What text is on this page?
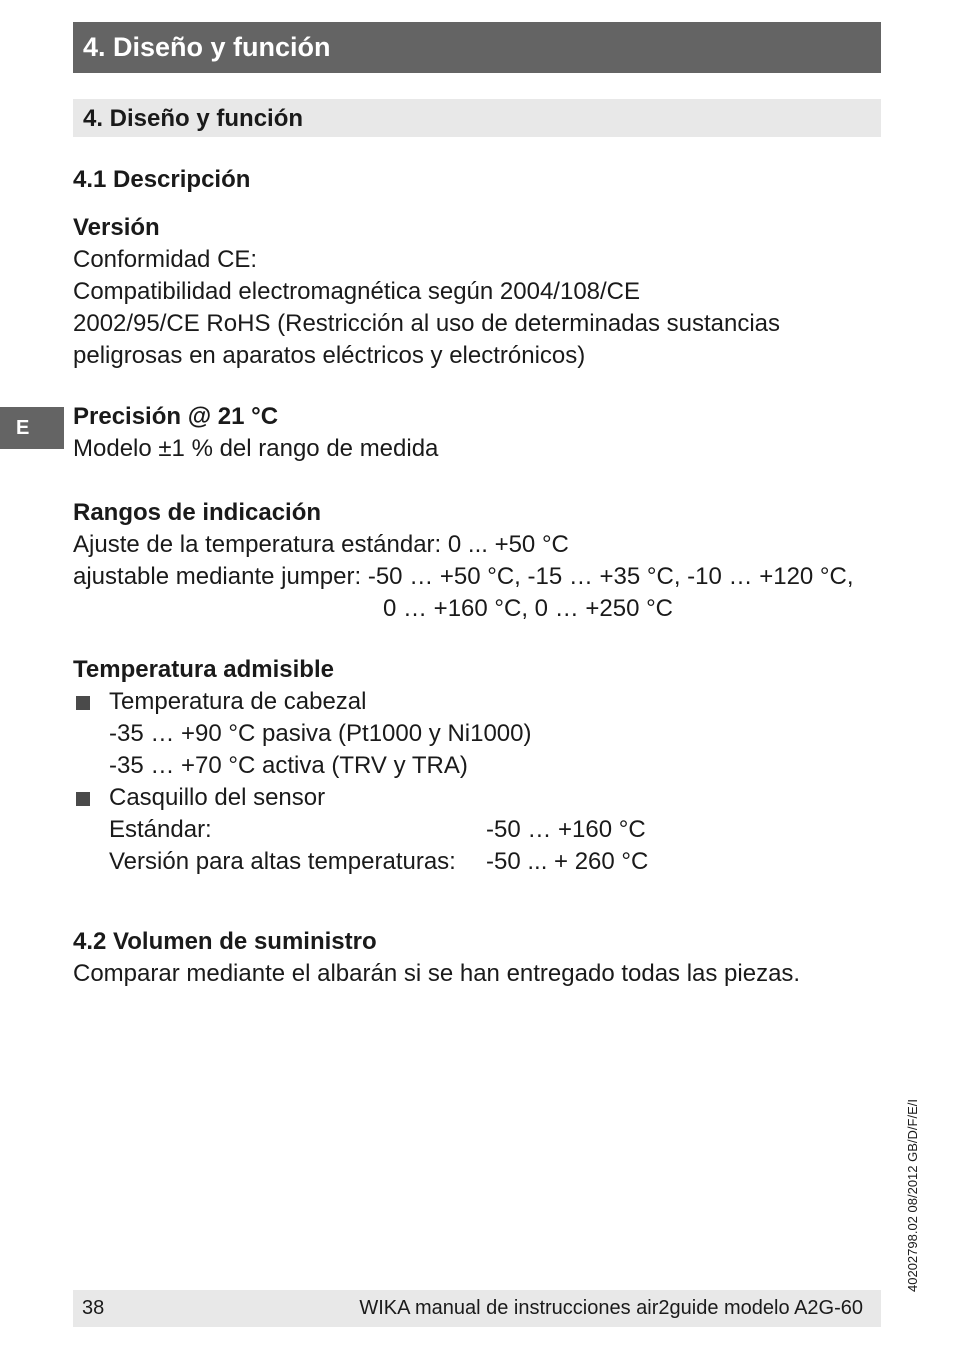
4. Diseño y función
4. Diseño y función
E
4.1 Descripción
Versión
Conformidad CE:
Compatibilidad electromagnética según 2004/108/CE
2002/95/CE RoHS (Restricción al uso de determinadas sustancias
peligrosas en aparatos eléctricos y electrónicos)
Precisión @ 21 °C
Modelo ±1 % del rango de medida
Rangos de indicación
Ajuste de la temperatura estándar: 0 ... +50 °C
ajustable mediante jumper: -50 … +50 °C, -15 … +35 °C, -10 … +120 °C,
0 … +160 °C, 0 … +250 °C
Temperatura admisible
Temperatura de cabezal
-35 … +90 °C pasiva (Pt1000 y Ni1000)
-35 … +70 °C activa (TRV y TRA)
Casquillo del sensor
Estándar:	-50 … +160 °C
Versión para altas temperaturas: -50 ... + 260 °C
4.2 Volumen de suministro
Comparar mediante el albarán si se han entregado todas las piezas.
40202798.02 08/2012 GB/D/F/E/I
38	WIKA manual de instrucciones air2guide modelo A2G-60
